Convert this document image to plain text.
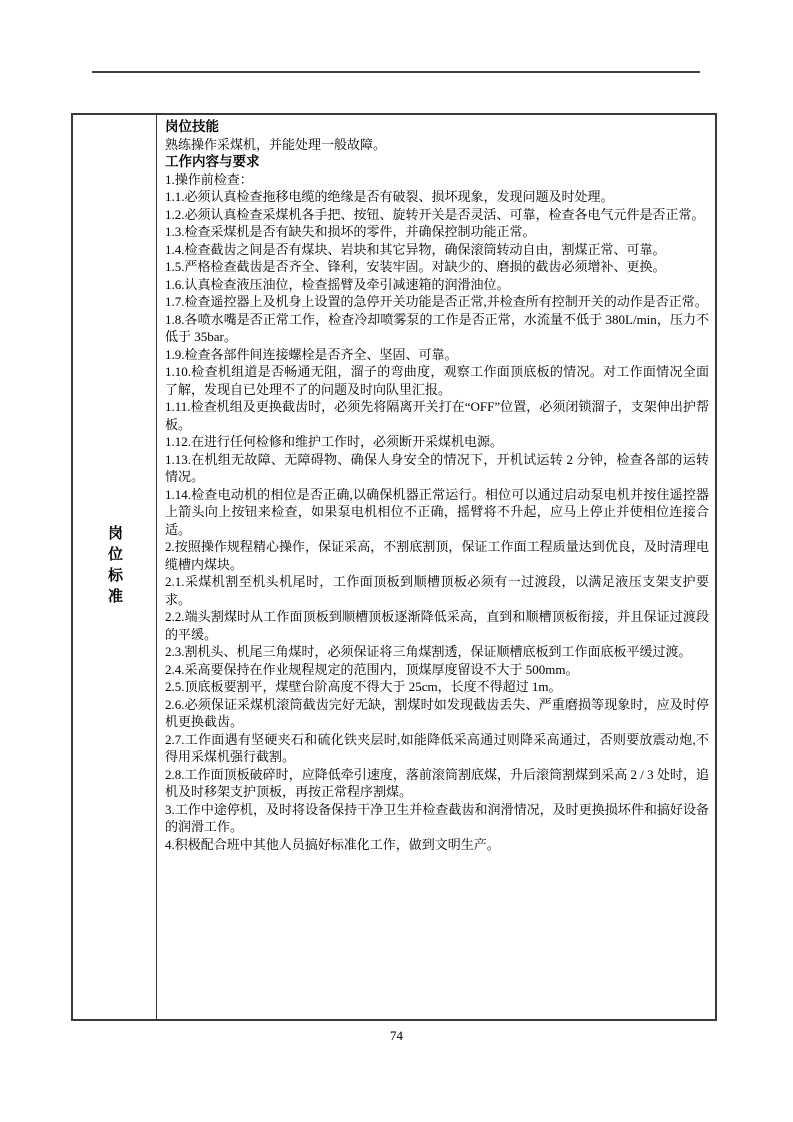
岗位标准
岗位技能
熟练操作采煤机，并能处理一般故障。
工作内容与要求
1.操作前检查：
1.1.必须认真检查拖移电缆的绝缘是否有破裂、损坏现象，发现问题及时处理。
1.2.必须认真检查采煤机各手把、按钮、旋转开关是否灵活、可靠，检查各电气元件是否正常。
1.3.检查采煤机是否有缺失和损坏的零件，并确保控制功能正常。
1.4.检查截齿之间是否有煤块、岩块和其它异物，确保滚筒转动自由，割煤正常、可靠。
1.5.严格检查截齿是否齐全、锋利，安装牢固。对缺少的、磨损的截齿必须增补、更换。
1.6.认真检查液压油位，检查摇臂及牵引减速箱的润滑油位。
1.7.检查遥控器上及机身上设置的急停开关功能是否正常,并检查所有控制开关的动作是否正常。
1.8.各喷水嘴是否正常工作，检查冷却喷雾泵的工作是否正常，水流量不低于 380L/min，压力不低于 35bar。
1.9.检查各部件间连接螺栓是否齐全、坚固、可靠。
1.10.检查机组道是否畅通无阻，溜子的弯曲度，观察工作面顶底板的情况。对工作面情况全面了解，发现自已处理不了的问题及时向队里汇报。
1.11.检查机组及更换截齿时，必须先将隔离开关打在“OFF”位置，必须闭锁溜子，支架伸出护帮板。
1.12.在进行任何检修和维护工作时，必须断开采煤机电源。
1.13.在机组无故障、无障碍物、确保人身安全的情况下，开机试运转 2 分钟，检查各部的运转情况。
1.14.检查电动机的相位是否正确,以确保机器正常运行。相位可以通过启动泵电机并按住遥控器上箭头向上按钮来检查，如果泵电机相位不正确，摇臂将不升起，应马上停止并使相位连接合适。
2.按照操作规程精心操作，保证采高，不割底割顶，保证工作面工程质量达到优良，及时清理电缆槽内煤块。
2.1.采煤机割至机头机尾时，工作面顶板到顺槽顶板必须有一过渡段，以满足液压支架支护要求。
2.2.端头割煤时从工作面顶板到顺槽顶板逐渐降低采高，直到和顺槽顶板衔接，并且保证过渡段的平缓。
2.3.割机头、机尾三角煤时，必须保证将三角煤割透，保证顺槽底板到工作面底板平缓过渡。
2.4.采高要保持在作业规程规定的范围内，顶煤厚度留设不大于 500mm。
2.5.顶底板要割平，煤壁台阶高度不得大于 25cm，长度不得超过 1m。
2.6.必须保证采煤机滚筒截齿完好无缺，割煤时如发现截齿丢失、严重磨损等现象时，应及时停机更换截齿。
2.7.工作面遇有坚硬夹石和硫化铁夹层时,如能降低采高通过则降采高通过，否则要放震动炮,不得用采煤机强行截割。
2.8.工作面顶板破碎时，应降低牵引速度，落前滚筒割底煤，升后滚筒割煤到采高 2 / 3 处时，追机及时移架支护顶板，再按正常程序割煤。
3.工作中途停机，及时将设备保持干净卫生并检查截齿和润滑情况，及时更换损坏件和搞好设备的润滑工作。
4.积极配合班中其他人员搞好标准化工作，做到文明生产。
74
